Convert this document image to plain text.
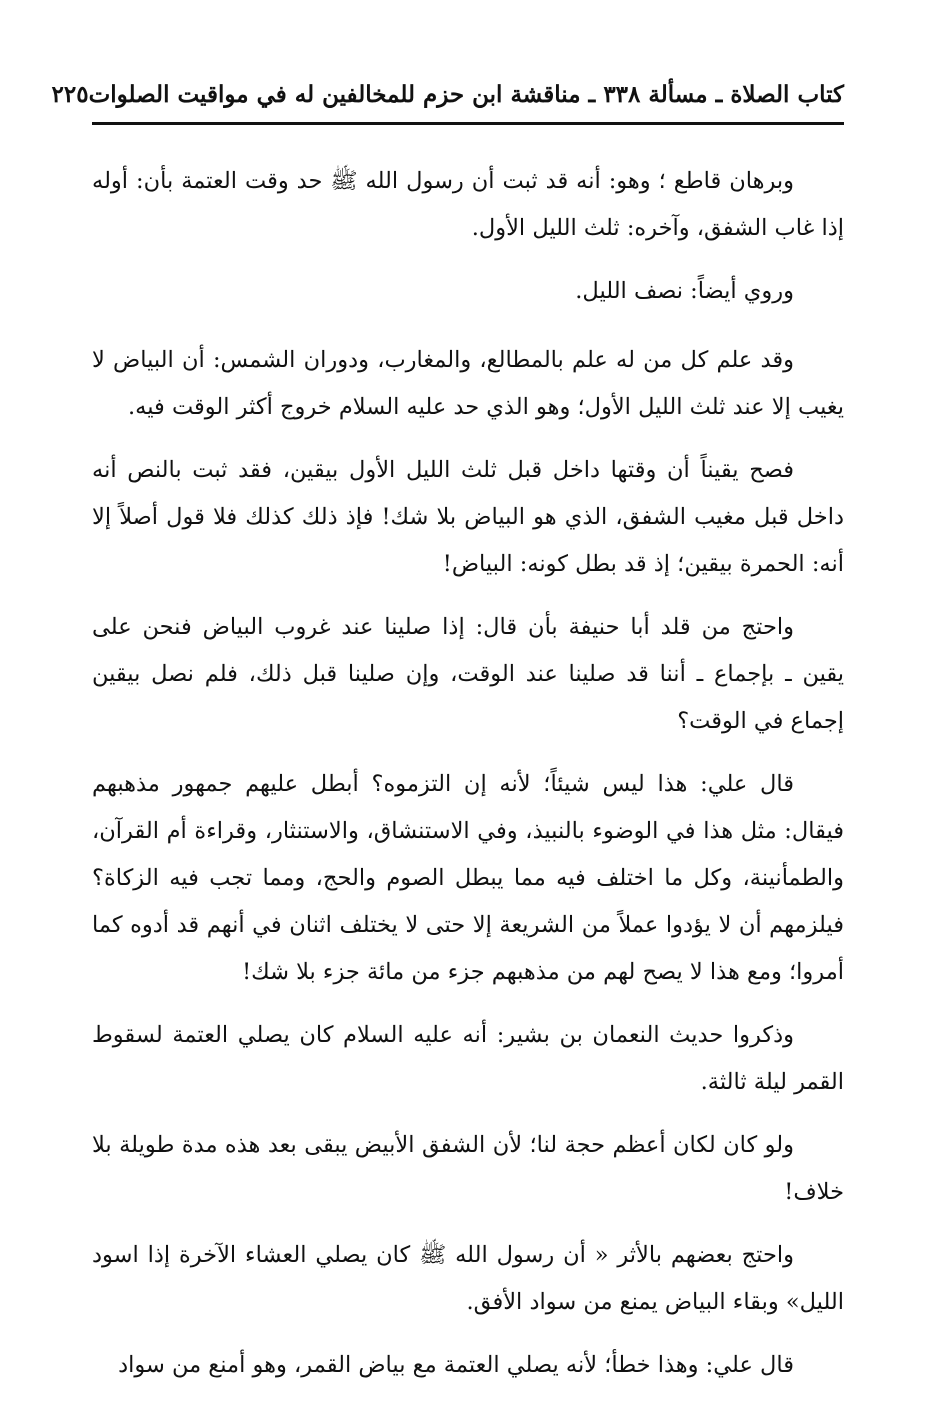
كتاب الصلاة ـ مسألة ٣٣٨ ـ مناقشة ابن حزم للمخالفين له في مواقيت الصلوات
٢٢٥

وبرهان قاطع ؛ وهو: أنه قد ثبت أن رسول الله ﷺ حد وقت العتمة بأن: أوله إذا غاب الشفق، وآخره: ثلث الليل الأول.

وروي أيضاً: نصف الليل.

وقد علم كل من له علم بالمطالع، والمغارب، ودوران الشمس: أن البياض لا يغيب إلا عند ثلث الليل الأول؛ وهو الذي حد عليه السلام خروج أكثر الوقت فيه.

فصح يقيناً أن وقتها داخل قبل ثلث الليل الأول بيقين، فقد ثبت بالنص أنه داخل قبل مغيب الشفق، الذي هو البياض بلا شك! فإذ ذلك كذلك فلا قول أصلاً إلا أنه: الحمرة بيقين؛ إذ قد بطل كونه: البياض!

واحتج من قلد أبا حنيفة بأن قال: إذا صلينا عند غروب البياض فنحن على يقين ـ بإجماع ـ أننا قد صلينا عند الوقت، وإن صلينا قبل ذلك، فلم نصل بيقين إجماع في الوقت؟

قال علي: هذا ليس شيئاً؛ لأنه إن التزموه؟ أبطل عليهم جمهور مذهبهم فيقال: مثل هذا في الوضوء بالنبيذ، وفي الاستنشاق، والاستنثار، وقراءة أم القرآن، والطمأنينة، وكل ما اختلف فيه مما يبطل الصوم والحج، ومما تجب فيه الزكاة؟ فيلزمهم أن لا يؤدوا عملاً من الشريعة إلا حتى لا يختلف اثنان في أنهم قد أدوه كما أمروا؛ ومع هذا لا يصح لهم من مذهبهم جزء من مائة جزء بلا شك!

وذكروا حديث النعمان بن بشير: أنه عليه السلام كان يصلي العتمة لسقوط القمر ليلة ثالثة.

ولو كان لكان أعظم حجة لنا؛ لأن الشفق الأبيض يبقى بعد هذه مدة طويلة بلا خلاف!

واحتج بعضهم بالأثر « أن رسول الله ﷺ كان يصلي العشاء الآخرة إذا اسود الليل» وبقاء البياض يمنع من سواد الأفق.

قال علي: وهذا خطأ؛ لأنه يصلي العتمة مع بياض القمر، وهو أمنع من سواد
